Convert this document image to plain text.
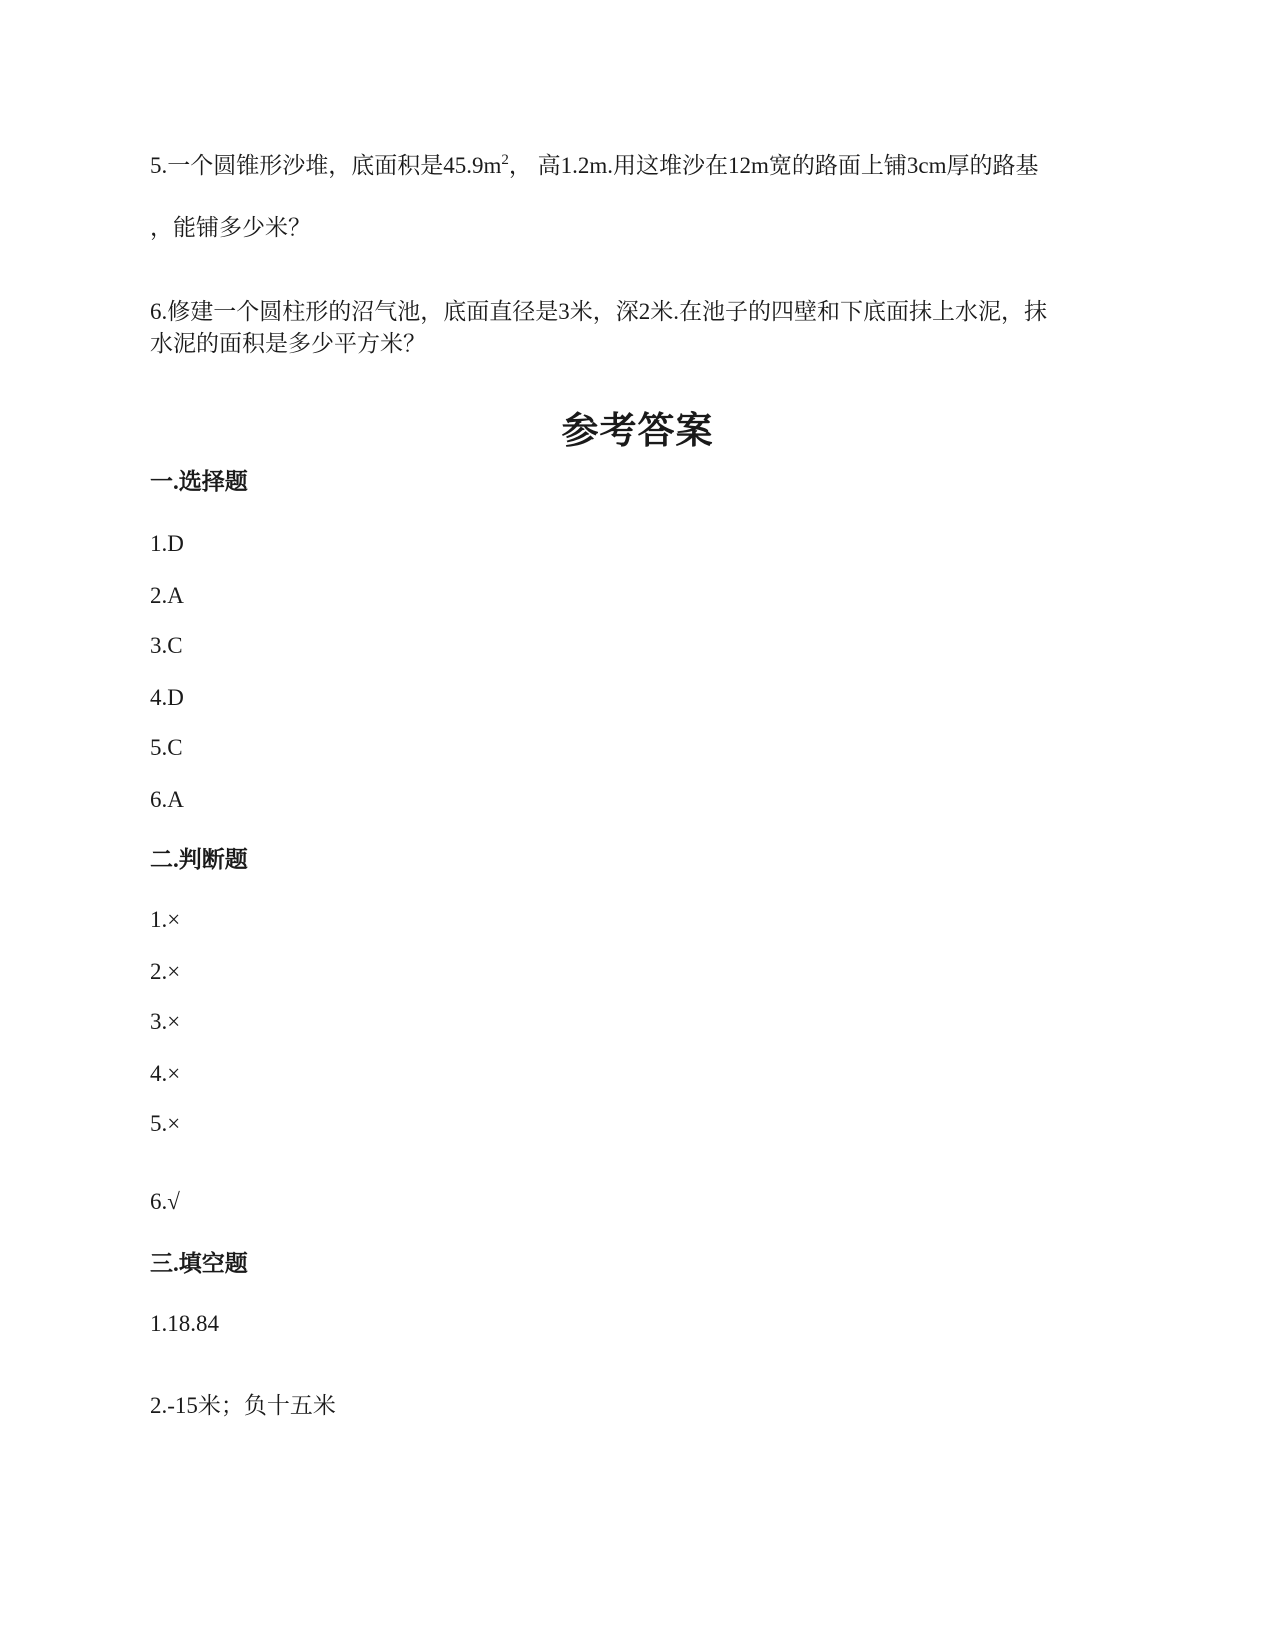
5.一个圆锥形沙堆，底面积是$45.9m^2$， 高1.2m.用这堆沙在12m宽的路面上铺3cm厚的路基
，能铺多少米？
6.修建一个圆柱形的沼气池，底面直径是3米，深2米.在池子的四壁和下底面抹上水泥，抹
水泥的面积是多少平方米？
参考答案
一.选择题
1.D
2.A
3.C
4.D
5.C
6.A
二.判断题
1.×
2.×
3.×
4.×
5.×
6.√
三.填空题
1.18.84
2.-15米；负十五米
